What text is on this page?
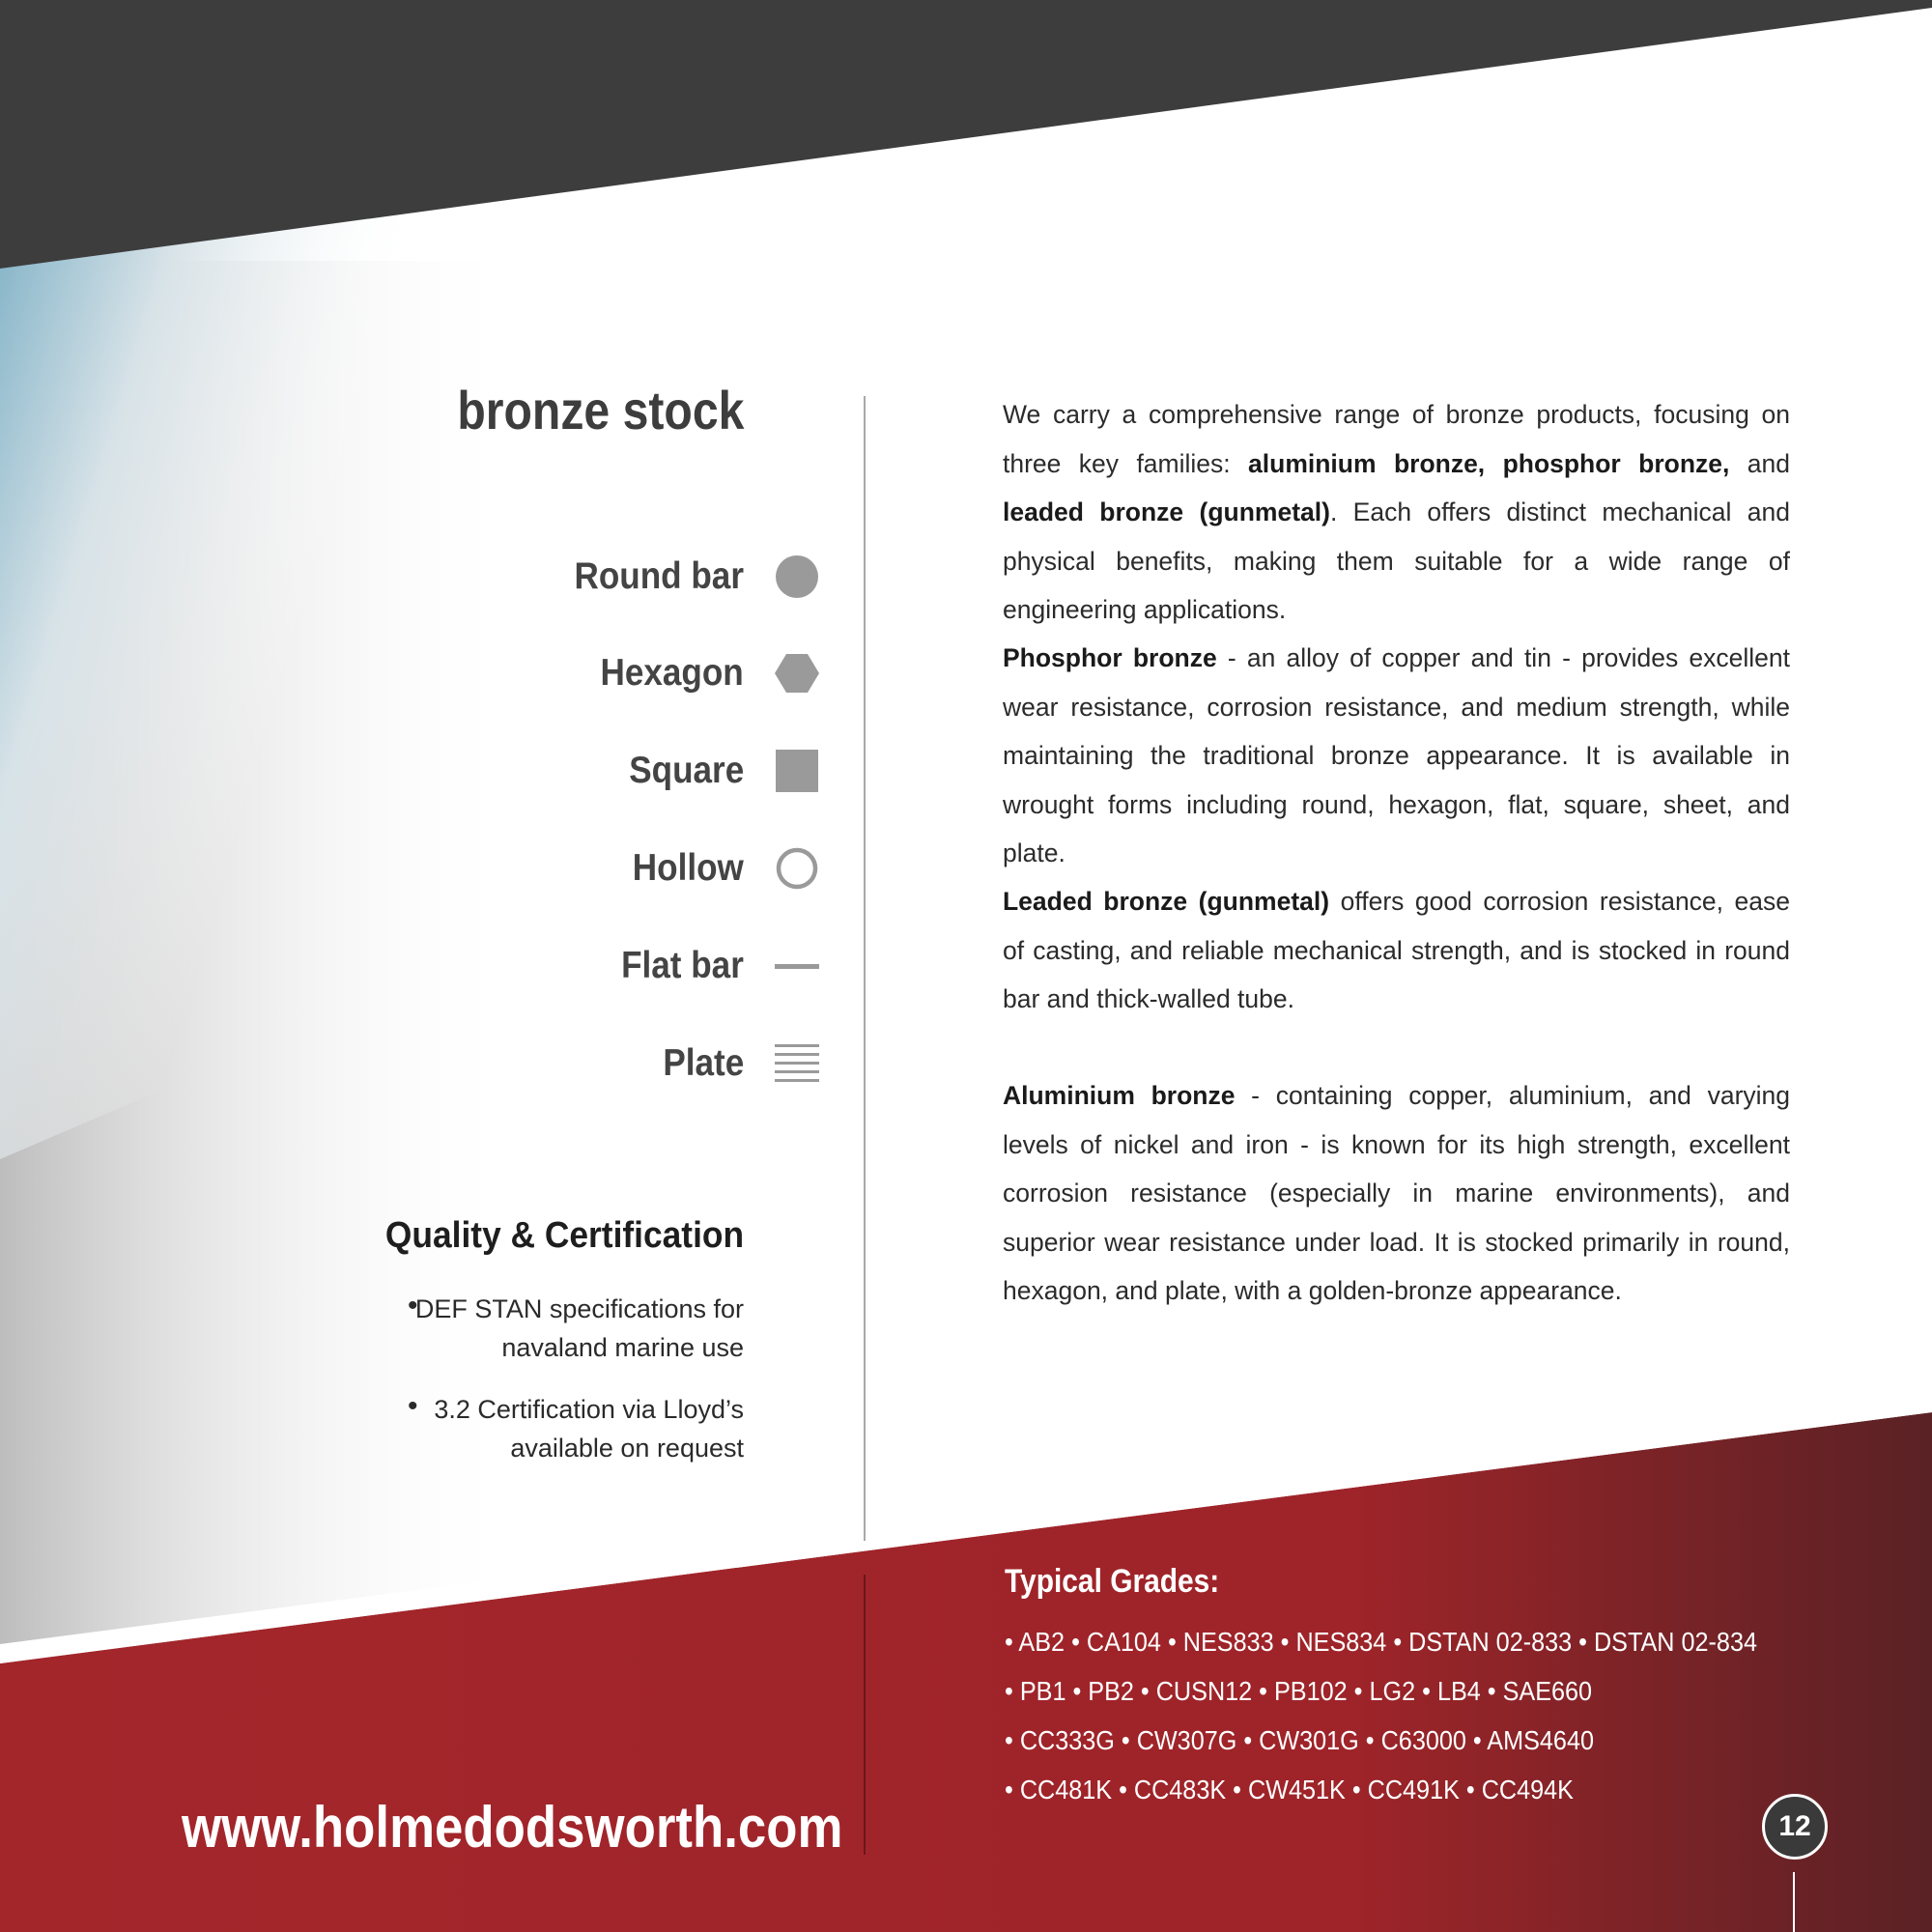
bronze stock
Round bar
Hexagon
Square
Hollow
Flat bar
Plate
Quality & Certification
•
DEF STAN specifications for
navaland marine use
• 3.2 Certification via Lloyd’s
available on request
We carry a comprehensive range of bronze products, focusing on three key families: aluminium bronze, phosphor bronze, and leaded bronze (gunmetal). Each offers distinct mechanical and physical benefits, making them suitable for a wide range of engineering applications.
Phosphor bronze - an alloy of copper and tin - provides excellent wear resistance, corrosion resistance, and medium strength, while maintaining the traditional bronze appearance. It is available in wrought forms including round, hexagon, flat, square, sheet, and plate.
Leaded bronze (gunmetal) offers good corrosion resistance, ease of casting, and reliable mechanical strength, and is stocked in round bar and thick-walled tube.
Aluminium bronze - containing copper, aluminium, and varying levels of nickel and iron - is known for its high strength, excellent corrosion resistance (especially in marine environments), and superior wear resistance under load. It is stocked primarily in round, hexagon, and plate, with a golden-bronze appearance.
Typical Grades:
• AB2 • CA104 • NES833 • NES834 • DSTAN 02-833 • DSTAN 02-834
• PB1 • PB2 • CUSN12 • PB102 • LG2 • LB4 • SAE660
• CC333G • CW307G • CW301G • C63000 • AMS4640
• CC481K • CC483K • CW451K • CC491K • CC494K
www.holmedodsworth.com	12
